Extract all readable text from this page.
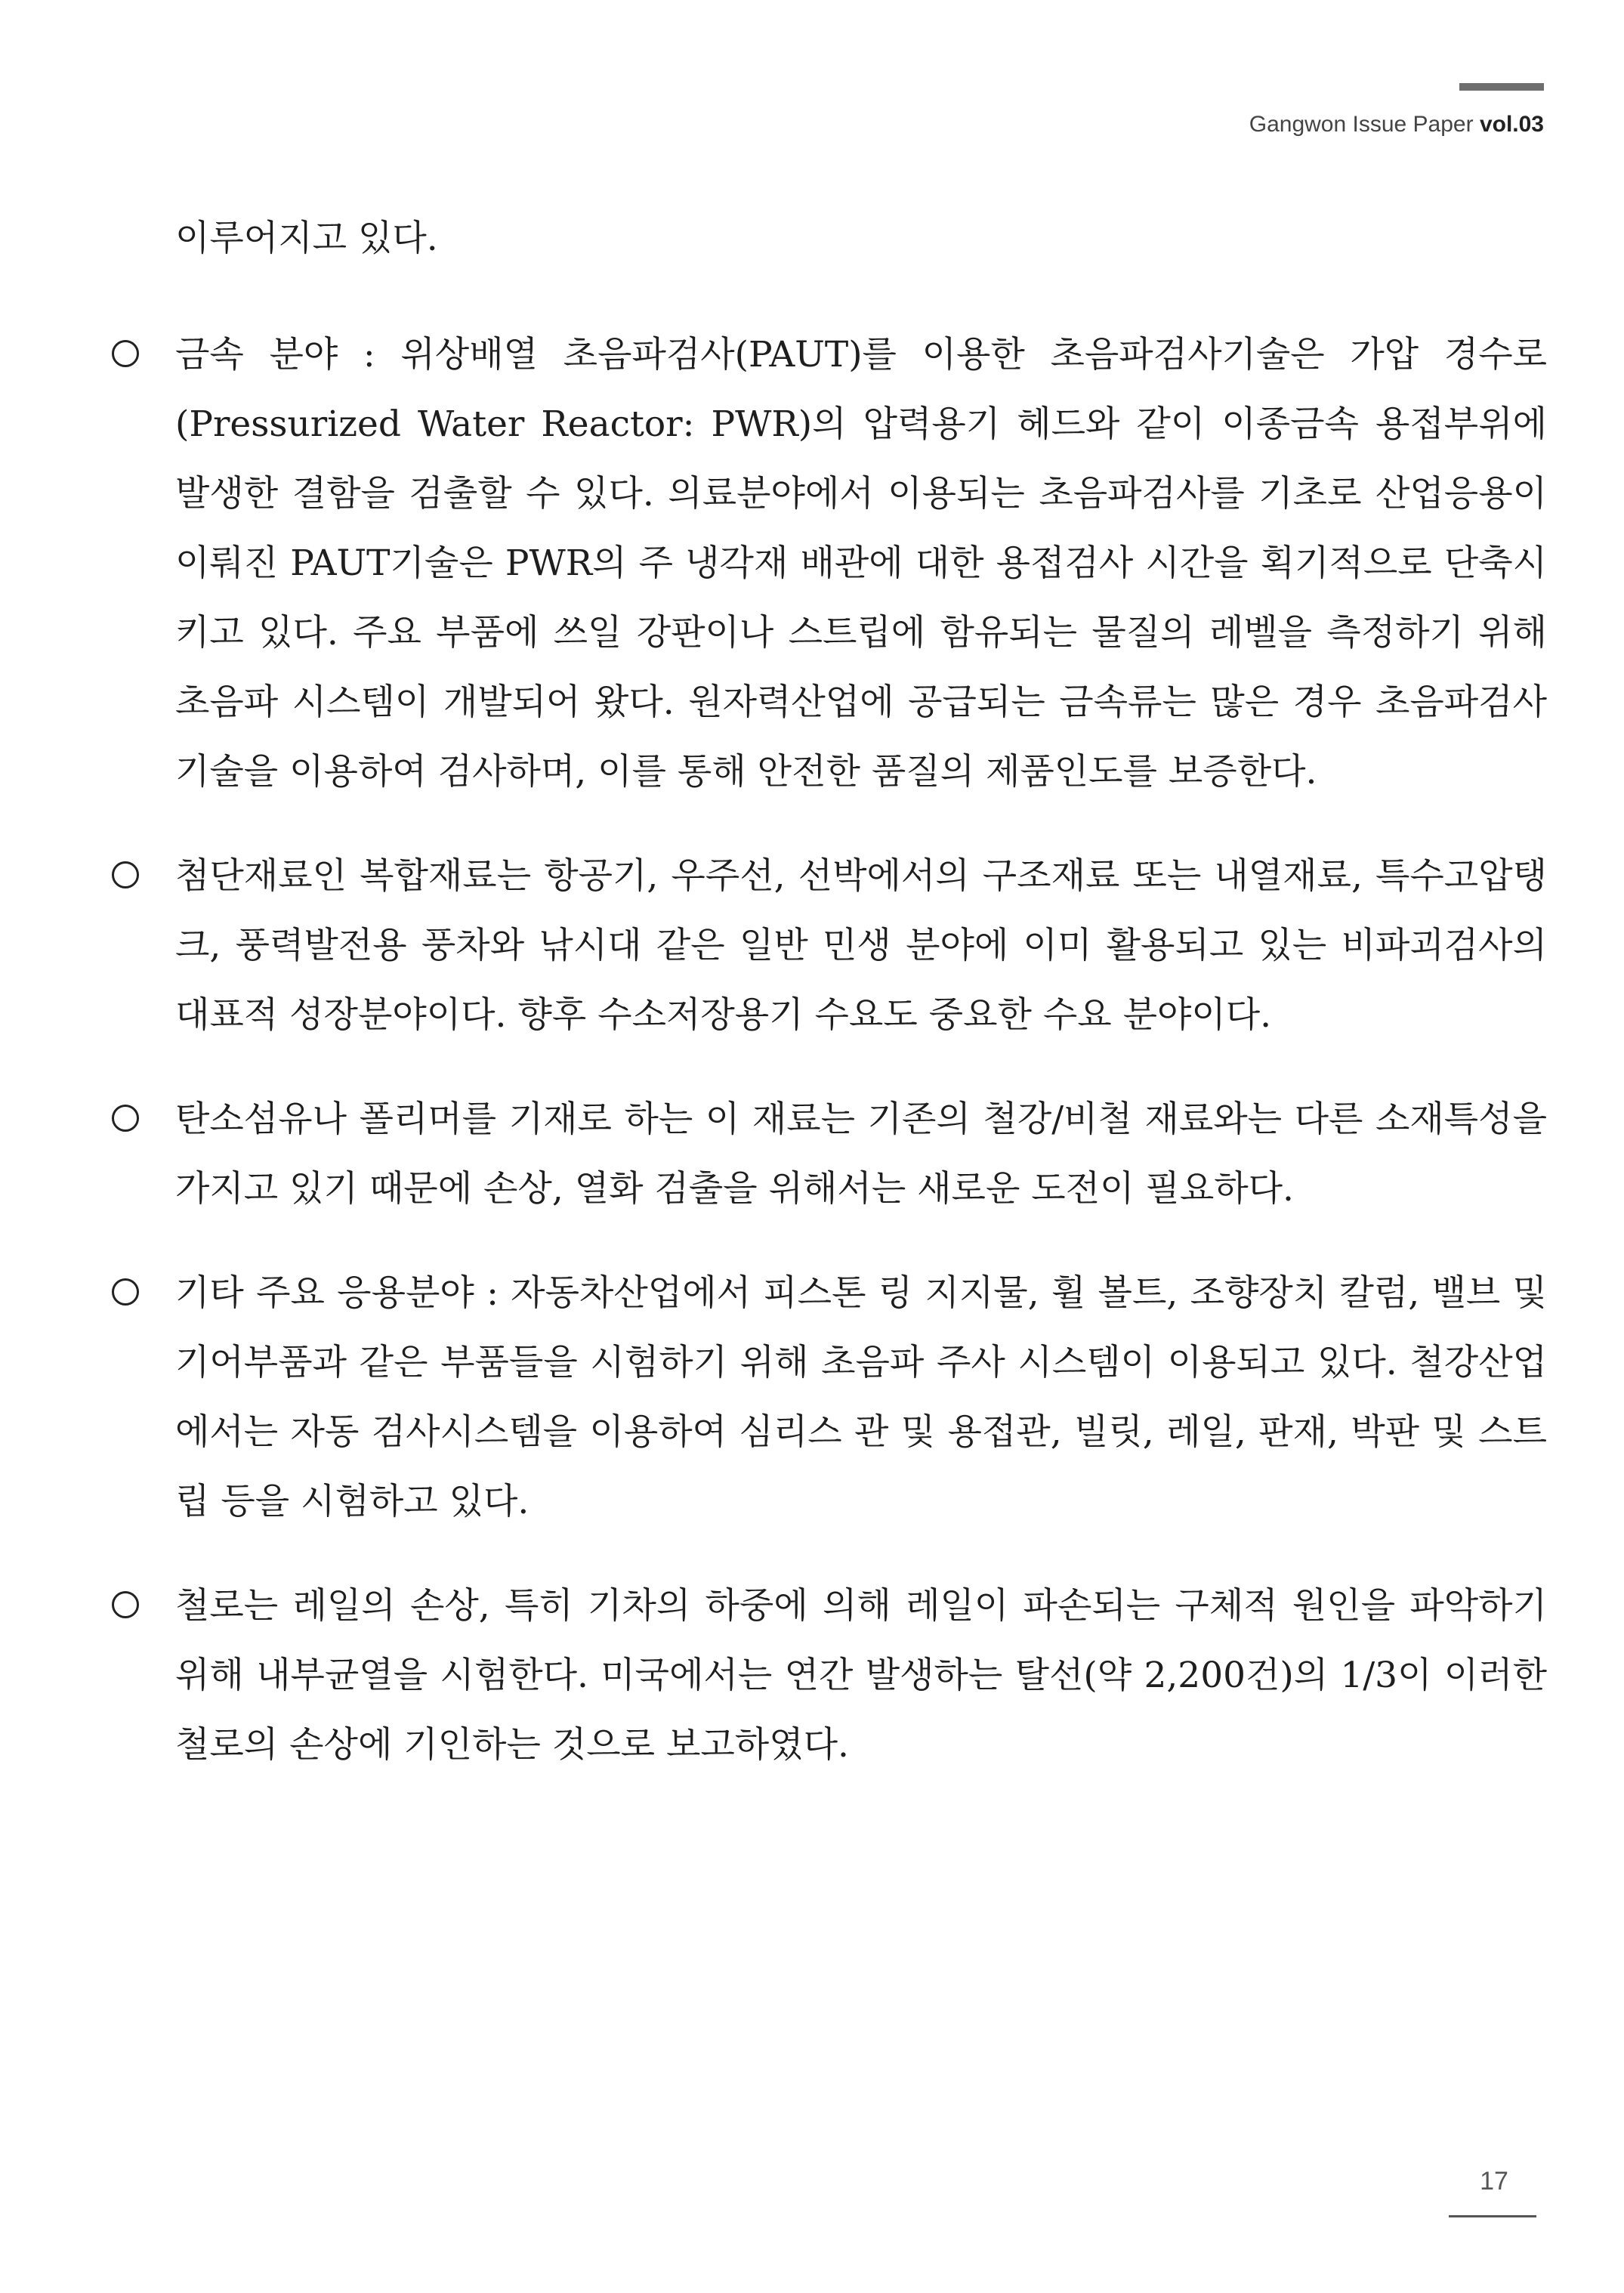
Gangwon Issue Paper vol.03
이루어지고 있다.
금속 분야 : 위상배열 초음파검사(PAUT)를 이용한 초음파검사기술은 가압 경수로 (Pressurized Water Reactor: PWR)의 압력용기 헤드와 같이 이종금속 용접부위에 발생한 결함을 검출할 수 있다. 의료분야에서 이용되는 초음파검사를 기초로 산업응용이 이뤄진 PAUT기술은 PWR의 주 냉각재 배관에 대한 용접검사 시간을 획기적으로 단축시키고 있다. 주요 부품에 쓰일 강판이나 스트립에 함유되는 물질의 레벨을 측정하기 위해 초음파 시스템이 개발되어 왔다. 원자력산업에 공급되는 금속류는 많은 경우 초음파검사기술을 이용하여 검사하며, 이를 통해 안전한 품질의 제품인도를 보증한다.
첨단재료인 복합재료는 항공기, 우주선, 선박에서의 구조재료 또는 내열재료, 특수고압탱크, 풍력발전용 풍차와 낚시대 같은 일반 민생 분야에 이미 활용되고 있는 비파괴검사의 대표적 성장분야이다. 향후 수소저장용기 수요도 중요한 수요 분야이다.
탄소섬유나 폴리머를 기재로 하는 이 재료는 기존의 철강/비철 재료와는 다른 소재특성을 가지고 있기 때문에 손상, 열화 검출을 위해서는 새로운 도전이 필요하다.
기타 주요 응용분야 : 자동차산업에서 피스톤 링 지지물, 휠 볼트, 조향장치 칼럼, 밸브 및 기어부품과 같은 부품들을 시험하기 위해 초음파 주사 시스템이 이용되고 있다. 철강산업에서는 자동 검사시스템을 이용하여 심리스 관 및 용접관, 빌릿, 레일, 판재, 박판 및 스트립 등을 시험하고 있다.
철로는 레일의 손상, 특히 기차의 하중에 의해 레일이 파손되는 구체적 원인을 파악하기 위해 내부균열을 시험한다. 미국에서는 연간 발생하는 탈선(약 2,200건)의 1/3이 이러한 철로의 손상에 기인하는 것으로 보고하였다.
17
